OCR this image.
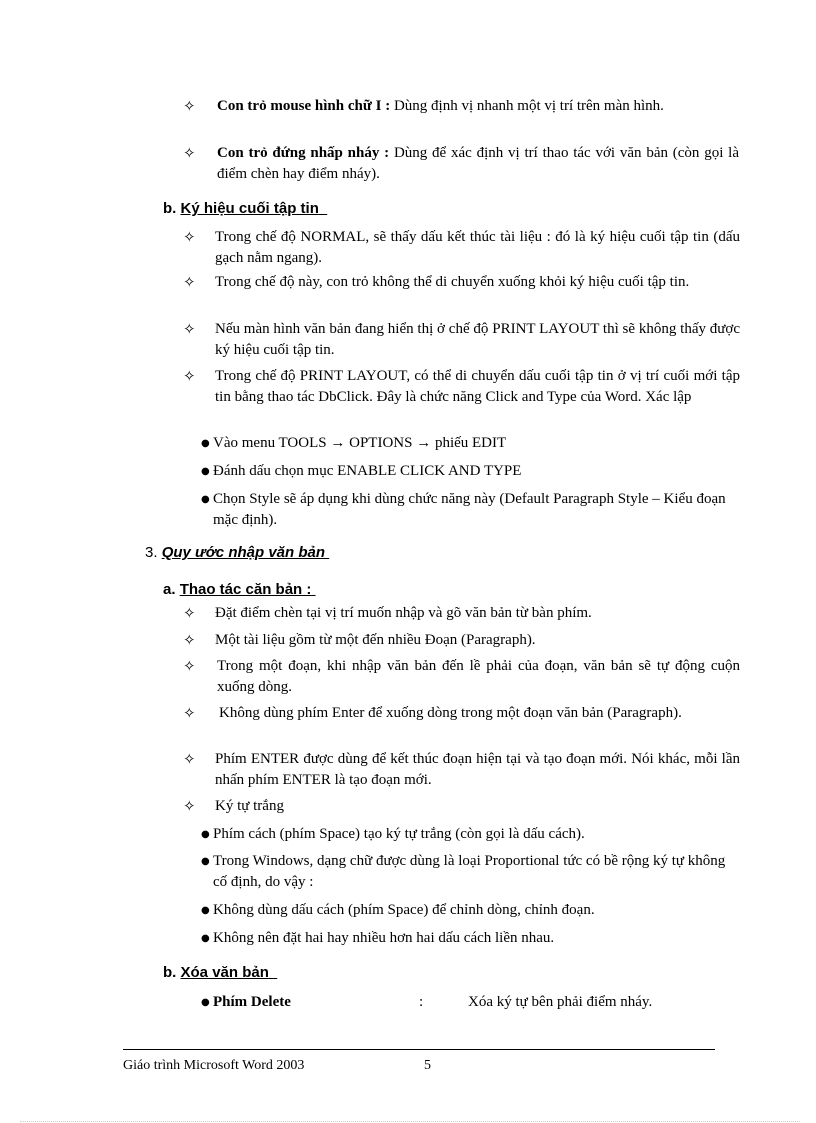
✧ Con trỏ mouse hình chữ I : Dùng định vị nhanh một vị trí trên màn hình.

✧ Con trỏ đứng nhấp nháy : Dùng để xác định vị trí thao tác với văn bản (còn gọi là điểm chèn hay điểm nháy).

b. Ký hiệu cuối tập tin
✧ Trong chế độ NORMAL, sẽ thấy dấu kết thúc tài liệu : đó là ký hiệu cuối tập tin (dấu gạch nằm ngang).

✧ Trong chế độ này, con trỏ không thể di chuyển xuống khỏi ký hiệu cuối tập tin.

✧ Nếu màn hình văn bản đang hiển thị ở chế độ PRINT LAYOUT thì sẽ không thấy được ký hiệu cuối tập tin.

✧ Trong chế độ PRINT LAYOUT, có thể di chuyển dấu cuối tập tin ở vị trí cuối mới tập tin bằng thao tác DbClick. Đây là chức năng Click and Type của Word. Xác lập

● Vào menu TOOLS → OPTIONS → phiếu EDIT

● Đánh dấu chọn mục ENABLE CLICK AND TYPE

● Chọn Style sẽ áp dụng khi dùng chức năng này (Default Paragraph Style – Kiểu đoạn mặc định).

3. Quy ước nhập văn bản
a. Thao tác căn bản :
✧ Đặt điểm chèn tại vị trí muốn nhập và gõ văn bản từ bàn phím.

✧ Một tài liệu gồm từ một đến nhiều Đoạn (Paragraph).

✧ Trong một đoạn, khi nhập văn bản đến lề phải của đoạn, văn bản sẽ tự động cuộn xuống dòng.

✧ Không dùng phím Enter để xuống dòng trong một đoạn văn bản (Paragraph).

✧ Phím ENTER được dùng để kết thúc đoạn hiện tại và tạo đoạn mới. Nói khác, mỗi lần nhấn phím ENTER là tạo đoạn mới.

✧ Ký tự trắng

● Phím cách (phím Space) tạo ký tự trắng (còn gọi là dấu cách).

● Trong Windows, dạng chữ được dùng là loại Proportional tức có bề rộng ký tự không cố định, do vậy :

● Không dùng dấu cách (phím Space) để chỉnh dòng, chỉnh đoạn.

● Không nên đặt hai hay nhiều hơn hai dấu cách liền nhau.

b. Xóa văn bản
● Phím Delete	:	Xóa ký tự bên phải điểm nháy.
Giáo trình Microsoft Word 2003	5
